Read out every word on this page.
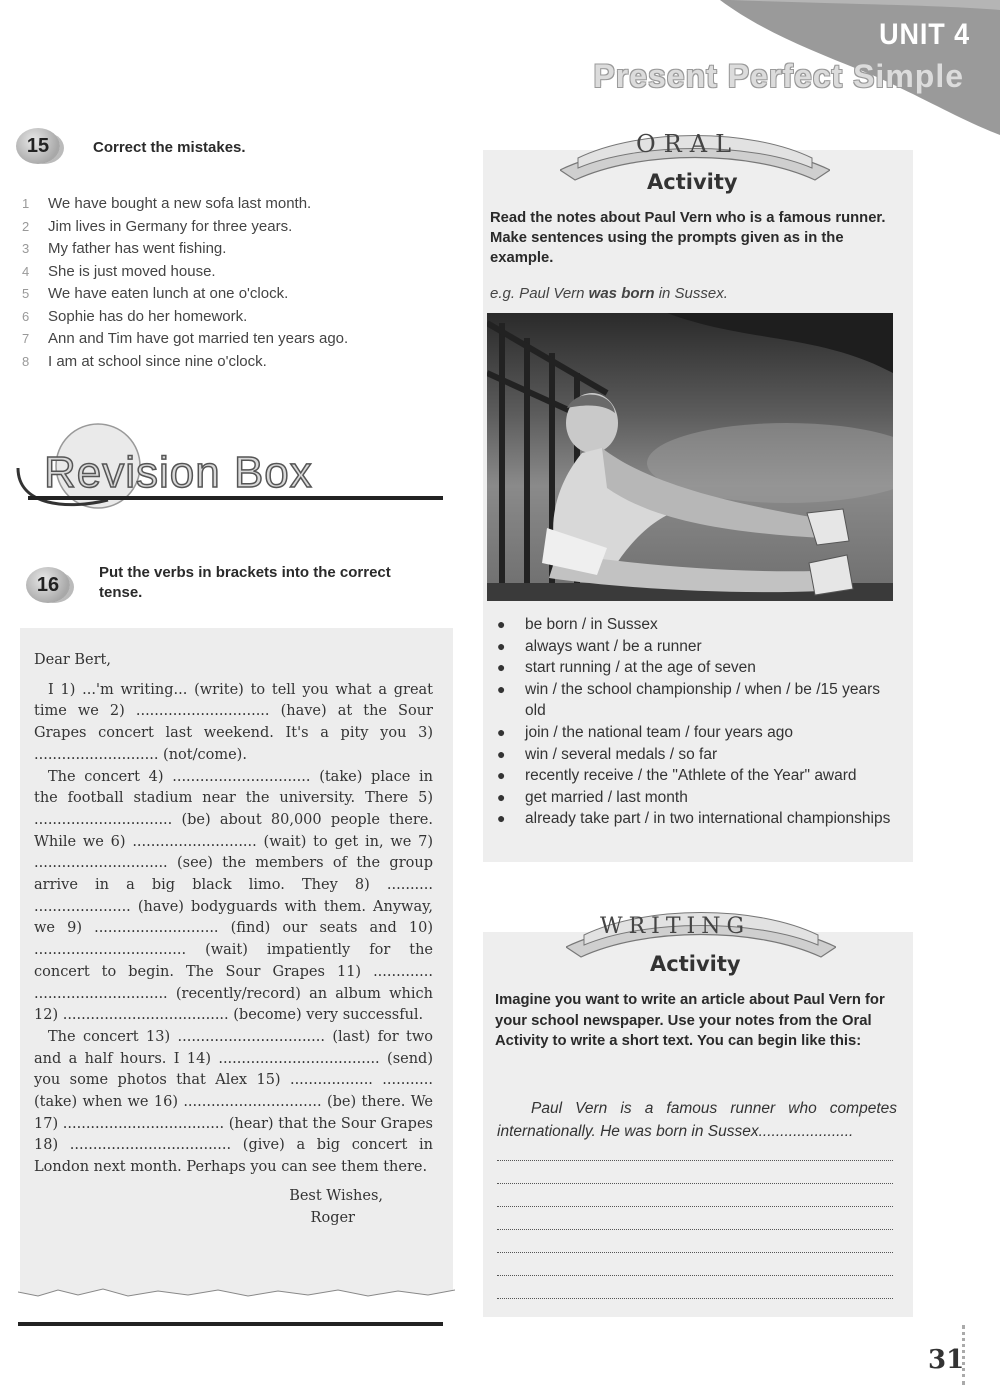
UNIT 4
Present Perfect Simple
15	Correct the mistakes.
1	We have bought a new sofa last month.
2	Jim lives in Germany for three years.
3	My father has went fishing.
4	She is just moved house.
5	We have eaten lunch at one o'clock.
6	Sophie has do her homework.
7	Ann and Tim have got married ten years ago.
8	I am at school since nine o'clock.
Revision Box
16
Put the verbs in brackets into the correct tense.

Dear Bert,

I 1) ...'m writing... (write) to tell you what a great time we 2) ............................. (have) at the Sour Grapes concert last weekend. It's a pity you 3) ........................... (not/come).

The concert 4) .............................. (take) place in the football stadium near the university. There 5) .............................. (be) about 80,000 people there. While we 6) ........................... (wait) to get in, we 7) ............................. (see) the members of the group arrive in a big black limo. They 8) .......... ..................... (have) bodyguards with them. Anyway, we 9) ........................... (find) our seats and 10) ................................. (wait) impatiently for the concert to begin. The Sour Grapes 11) ............. ............................. (recently/record) an album which 12) .................................... (become) very successful.

The concert 13) ................................ (last) for two and a half hours. I 14) ................................... (send) you some photos that Alex 15) .................. ........... (take) when we 16) .............................. (be) there. We 17) ................................... (hear) that the Sour Grapes 18) ................................... (give) a big concert in London next month. Perhaps you can see them there.

Best Wishes,

Roger

ORAL
Activity
Read the notes about Paul Vern who is a famous runner. Make sentences using the prompts given as in the example.
e.g. Paul Vern was born in Sussex.
●	be born / in Sussex
●	always want / be a runner
●	start running / at the age of seven
●	win / the school championship / when / be /15 years old
●	join / the national team / four years ago
●	win / several medals / so far
●	recently receive / the "Athlete of the Year" award
●	get married / last month
●	already take part / in two international championships
WRITING
Activity
Imagine you want to write an article about Paul Vern for your school newspaper. Use your notes from the Oral Activity to write a short text. You can begin like this:
Paul Vern is a famous runner who competes internationally. He was born in Sussex......................
31
